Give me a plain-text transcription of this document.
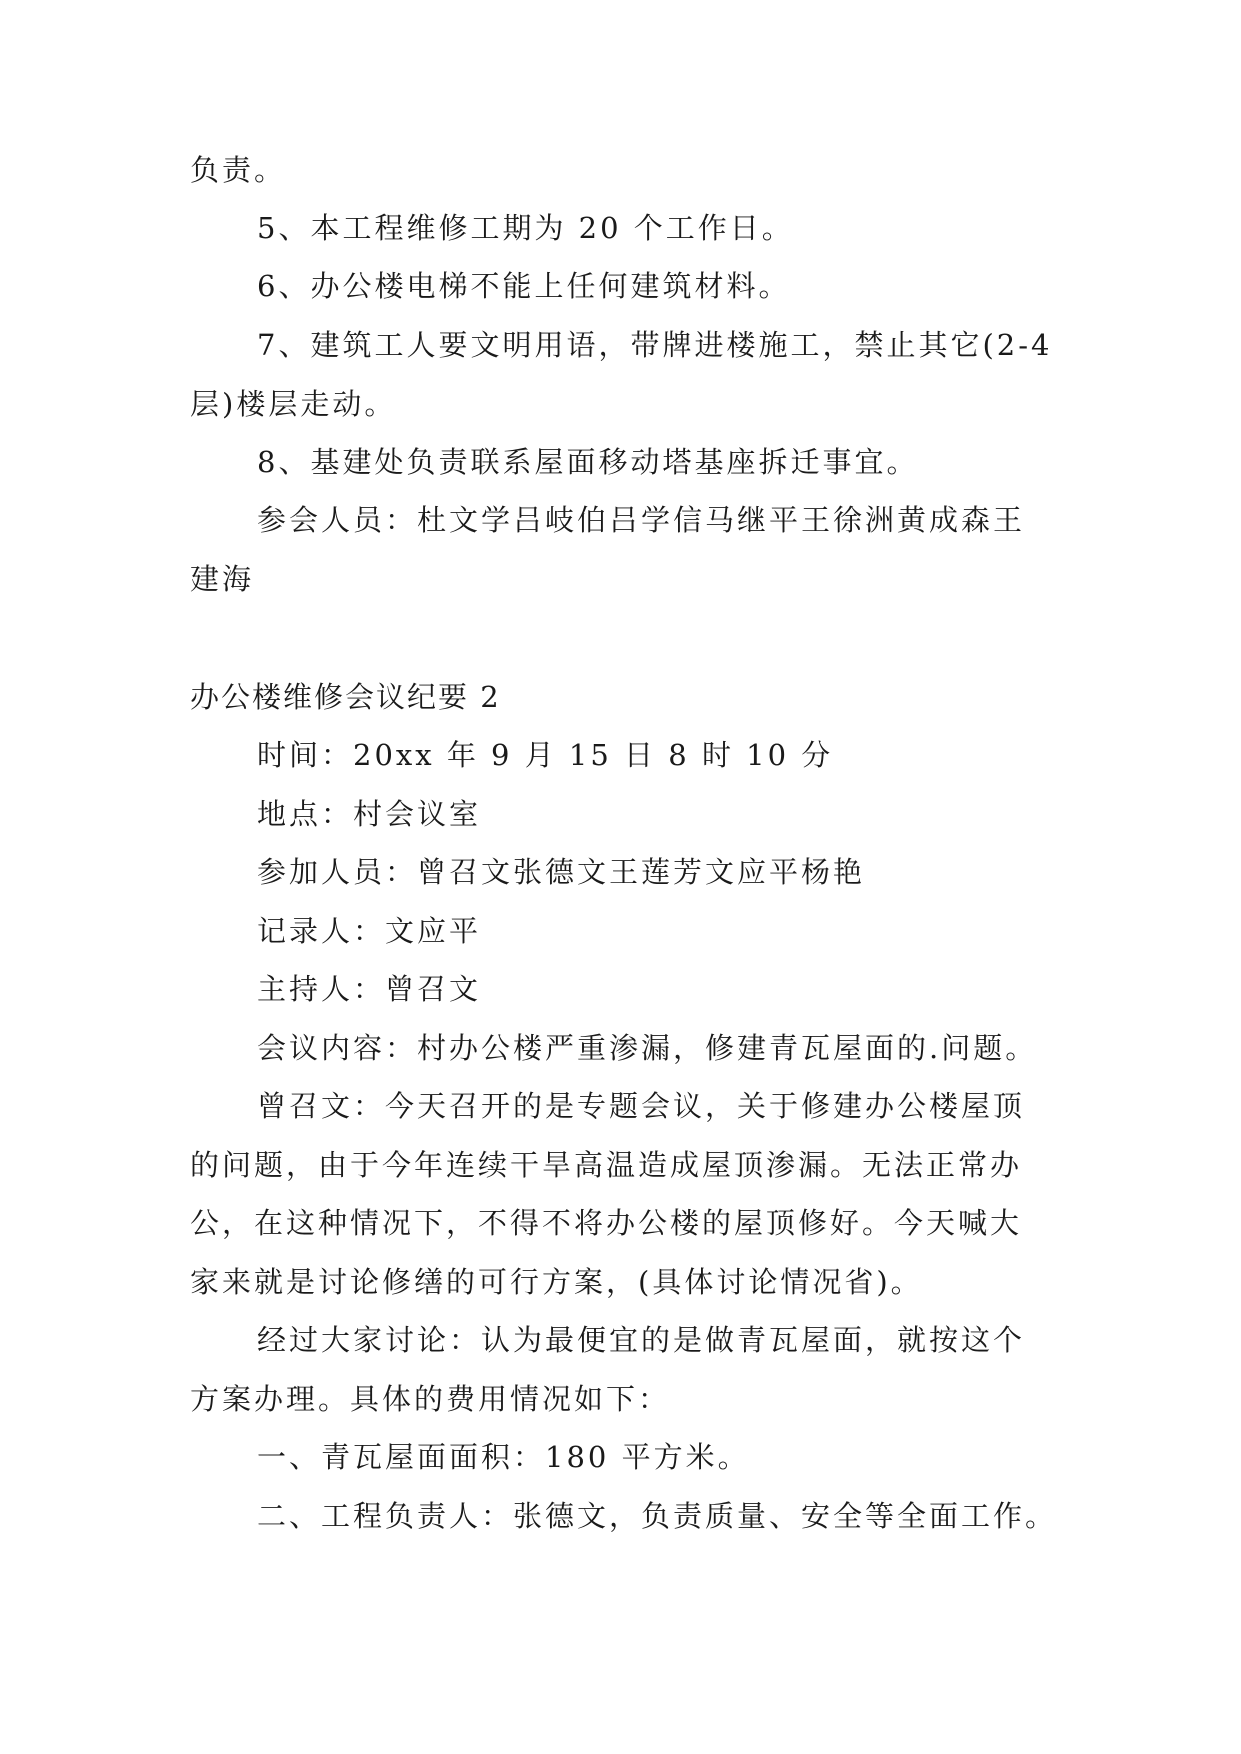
负责。
5、本工程维修工期为 20 个工作日。
6、办公楼电梯不能上任何建筑材料。
7、建筑工人要文明用语，带牌进楼施工，禁止其它(2-4
层)楼层走动。
8、基建处负责联系屋面移动塔基座拆迁事宜。
参会人员：杜文学吕岐伯吕学信马继平王徐洲黄成森王
建海
办公楼维修会议纪要 2
时间：20xx 年 9 月 15 日 8 时 10 分
地点：村会议室
参加人员：曾召文张德文王莲芳文应平杨艳
记录人：文应平
主持人：曾召文
会议内容：村办公楼严重渗漏，修建青瓦屋面的.问题。
曾召文：今天召开的是专题会议，关于修建办公楼屋顶
的问题，由于今年连续干旱高温造成屋顶渗漏。无法正常办
公，在这种情况下，不得不将办公楼的屋顶修好。今天喊大
家来就是讨论修缮的可行方案，(具体讨论情况省)。
经过大家讨论：认为最便宜的是做青瓦屋面，就按这个
方案办理。具体的费用情况如下：
一、青瓦屋面面积：180 平方米。
二、工程负责人：张德文，负责质量、安全等全面工作。
